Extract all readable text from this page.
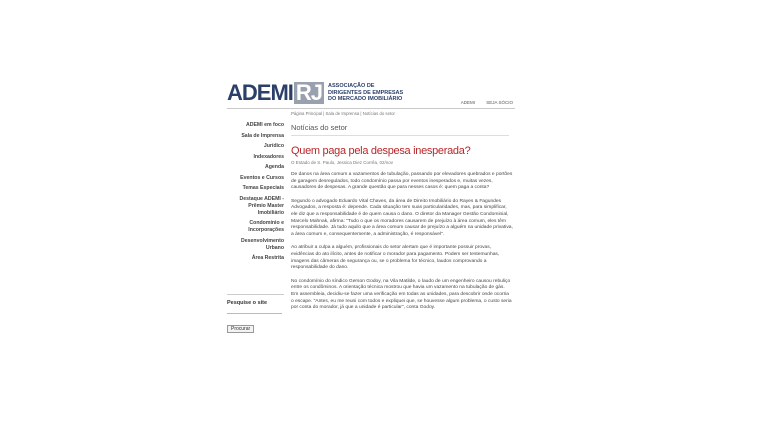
ADEMI RJ	ASSOCIAÇÃO DE
DIRIGENTES DE EMPRESAS
DO MERCADO IMOBILIÁRIO
ADEMI	SEJA SÓCIO
ADEMI em foco
Sala de Imprensa
Jurídico
Indexadores
Agenda
Eventos e Cursos
Temas Especiais
Destaque ADEMI - Prêmio Master Imobiliário
Condomínio e Incorporações
Desenvolvimento Urbano
Área Restrita
Pesquise o site
Procurar
Página Principal | Sala de Imprensa | Notícias do setor
Notícias do setor
Quem paga pela despesa inesperada?
O Estado de S. Paulo, Jessica Diez Corrêa, 02/nov

De danos na área comum a vazamentos de tubulação, passando por elevadores quebrados e portões de garagem desregulados, todo condomínio passa por eventos inesperados e, muitas vezes, causadores de despesas. A grande questão que para nesses casos é: quem paga a conta?

Segundo o advogado Eduardo Vital Chaves, da área de Direito Imobiliário do Rayes & Fagundes Advogados, a resposta é: depende. Cada situação tem suas particularidades, mas, para simplificar, ele diz que a responsabilidade é de quem causa o dano. O diretor da Manager Gestão Condominial, Marcelo Mahnak, afirma: "Tudo o que os moradores causarem de prejuízo à área comum, eles têm responsabilidade. Já tudo aquilo que a área comum causar de prejuízo a alguém na unidade privativa, a área comum e, consequentemente, a administração, é responsável".

Ao atribuir a culpa a alguém, profissionais do setor alertam que é importante possuir provas, evidências do ato ilícito, antes de notificar o morador para pagamento. Podem ser testemunhas, imagens das câmeras de segurança ou, se o problema for técnico, laudos comprovando a responsabilidade do dano.

No condomínio do síndico Gerson Godoy, na Vila Matilde, o laudo de um engenheiro causou rebuliço entre os condôminos. A orientação técnica mostrou que havia um vazamento na tubulação de gás. Em assembleia, decidiu-se fazer uma verificação em todas as unidades, para descobrir onde ocorria o escape. "Antes, eu me reuni com todos e expliquei que, se houvesse algum problema, o custo seria por conta do morador, já que a unidade é particular", conta Godoy.
